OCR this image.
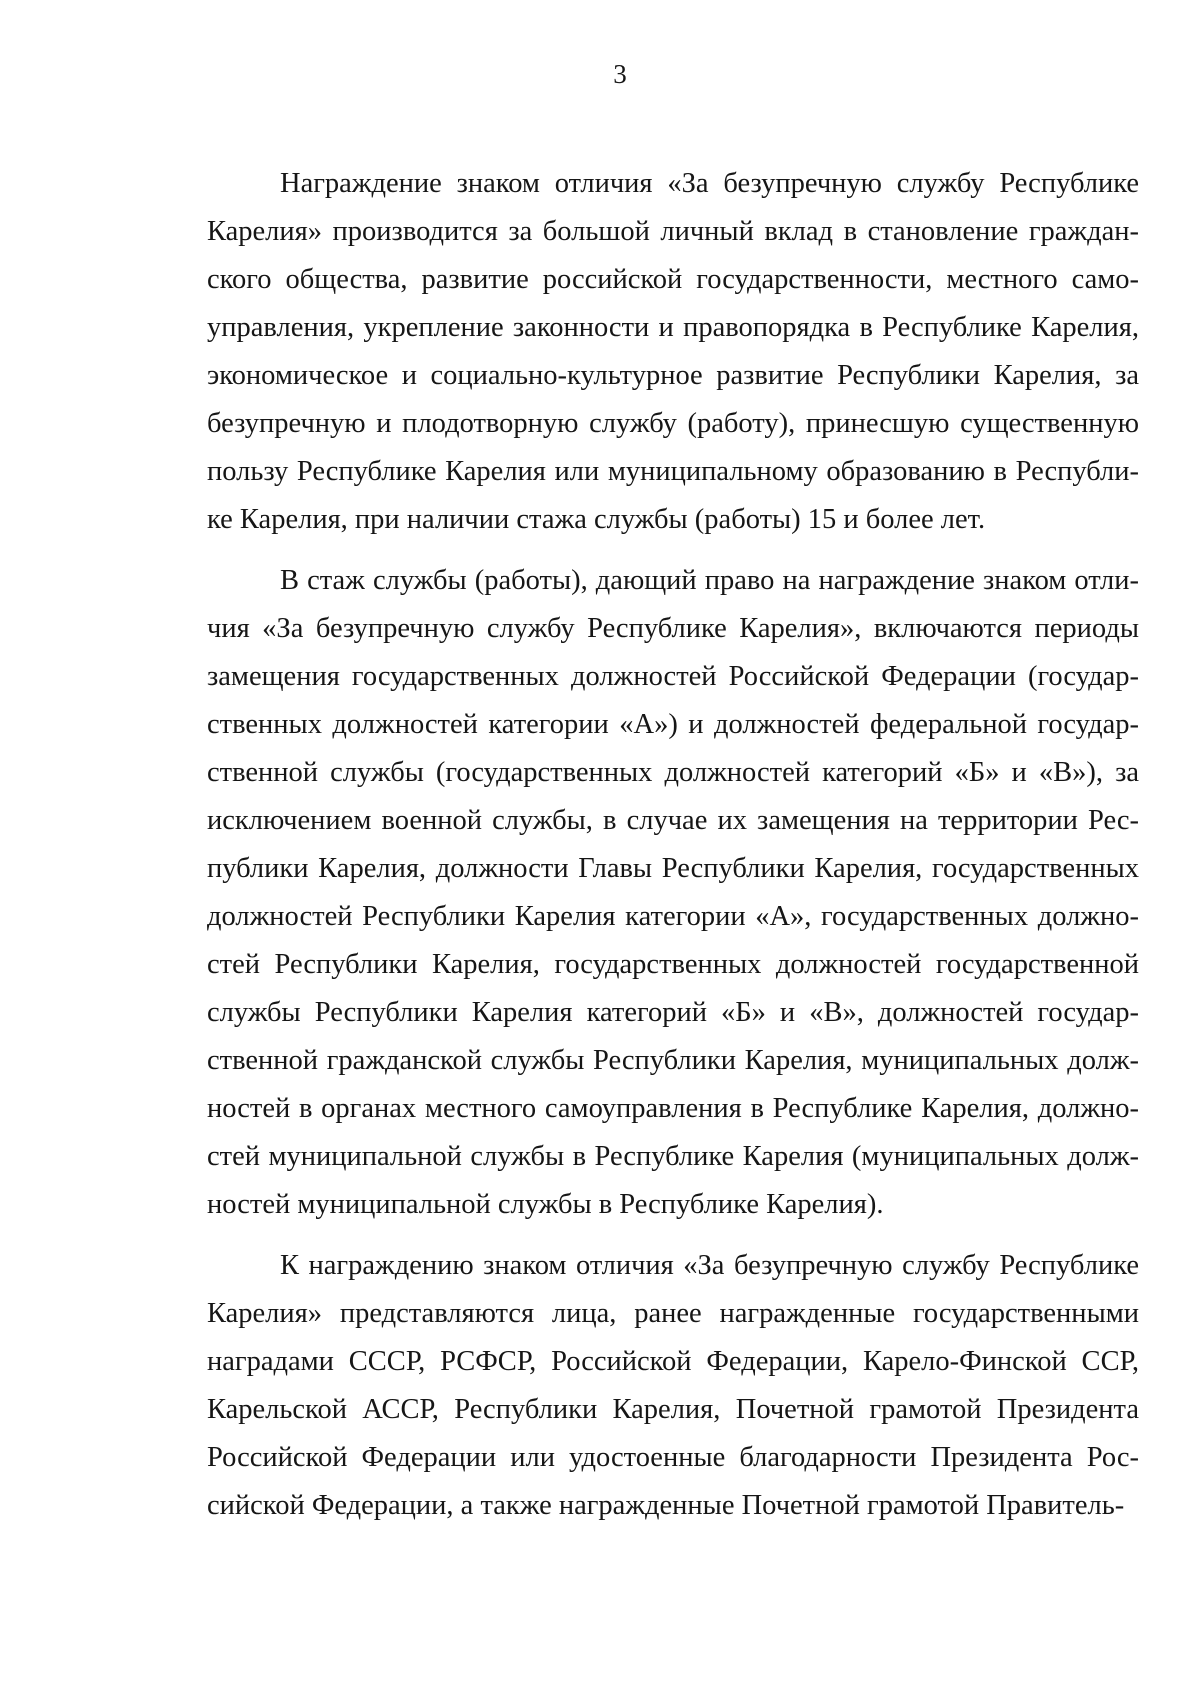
3

Награждение знаком отличия «За безупречную службу Республике
Карелия» производится за большой личный вклад в становление граждан-
ского общества, развитие российской государственности, местного само-
управления, укрепление законности и правопорядка в Республике Карелия,
экономическое и социально-культурное развитие Республики Карелия, за
безупречную и плодотворную службу (работу), принесшую существенную
пользу Республике Карелия или муниципальному образованию в Республи-
ке Карелия, при наличии стажа службы (работы) 15 и более лет.

В стаж службы (работы), дающий право на награждение знаком отли-
чия «За безупречную службу Республике Карелия», включаются периоды
замещения государственных должностей Российской Федерации (государ-
ственных должностей категории «А») и должностей федеральной государ-
ственной службы (государственных должностей категорий «Б» и «В»), за
исключением военной службы, в случае их замещения на территории Рес-
публики Карелия, должности Главы Республики Карелия, государственных
должностей Республики Карелия категории «А», государственных должно-
стей Республики Карелия, государственных должностей государственной
службы Республики Карелия категорий «Б» и «В», должностей государ-
ственной гражданской службы Республики Карелия, муниципальных долж-
ностей в органах местного самоуправления в Республике Карелия, должно-
стей муниципальной службы в Республике Карелия (муниципальных долж-
ностей муниципальной службы в Республике Карелия).

К награждению знаком отличия «За безупречную службу Республике
Карелия» представляются лица, ранее награжденные государственными
наградами СССР, РСФСР, Российской Федерации, Карело-Финской ССР,
Карельской АССР, Республики Карелия, Почетной грамотой Президента
Российской Федерации или удостоенные благодарности Президента Рос-
сийской Федерации, а также награжденные Почетной грамотой Правитель-
